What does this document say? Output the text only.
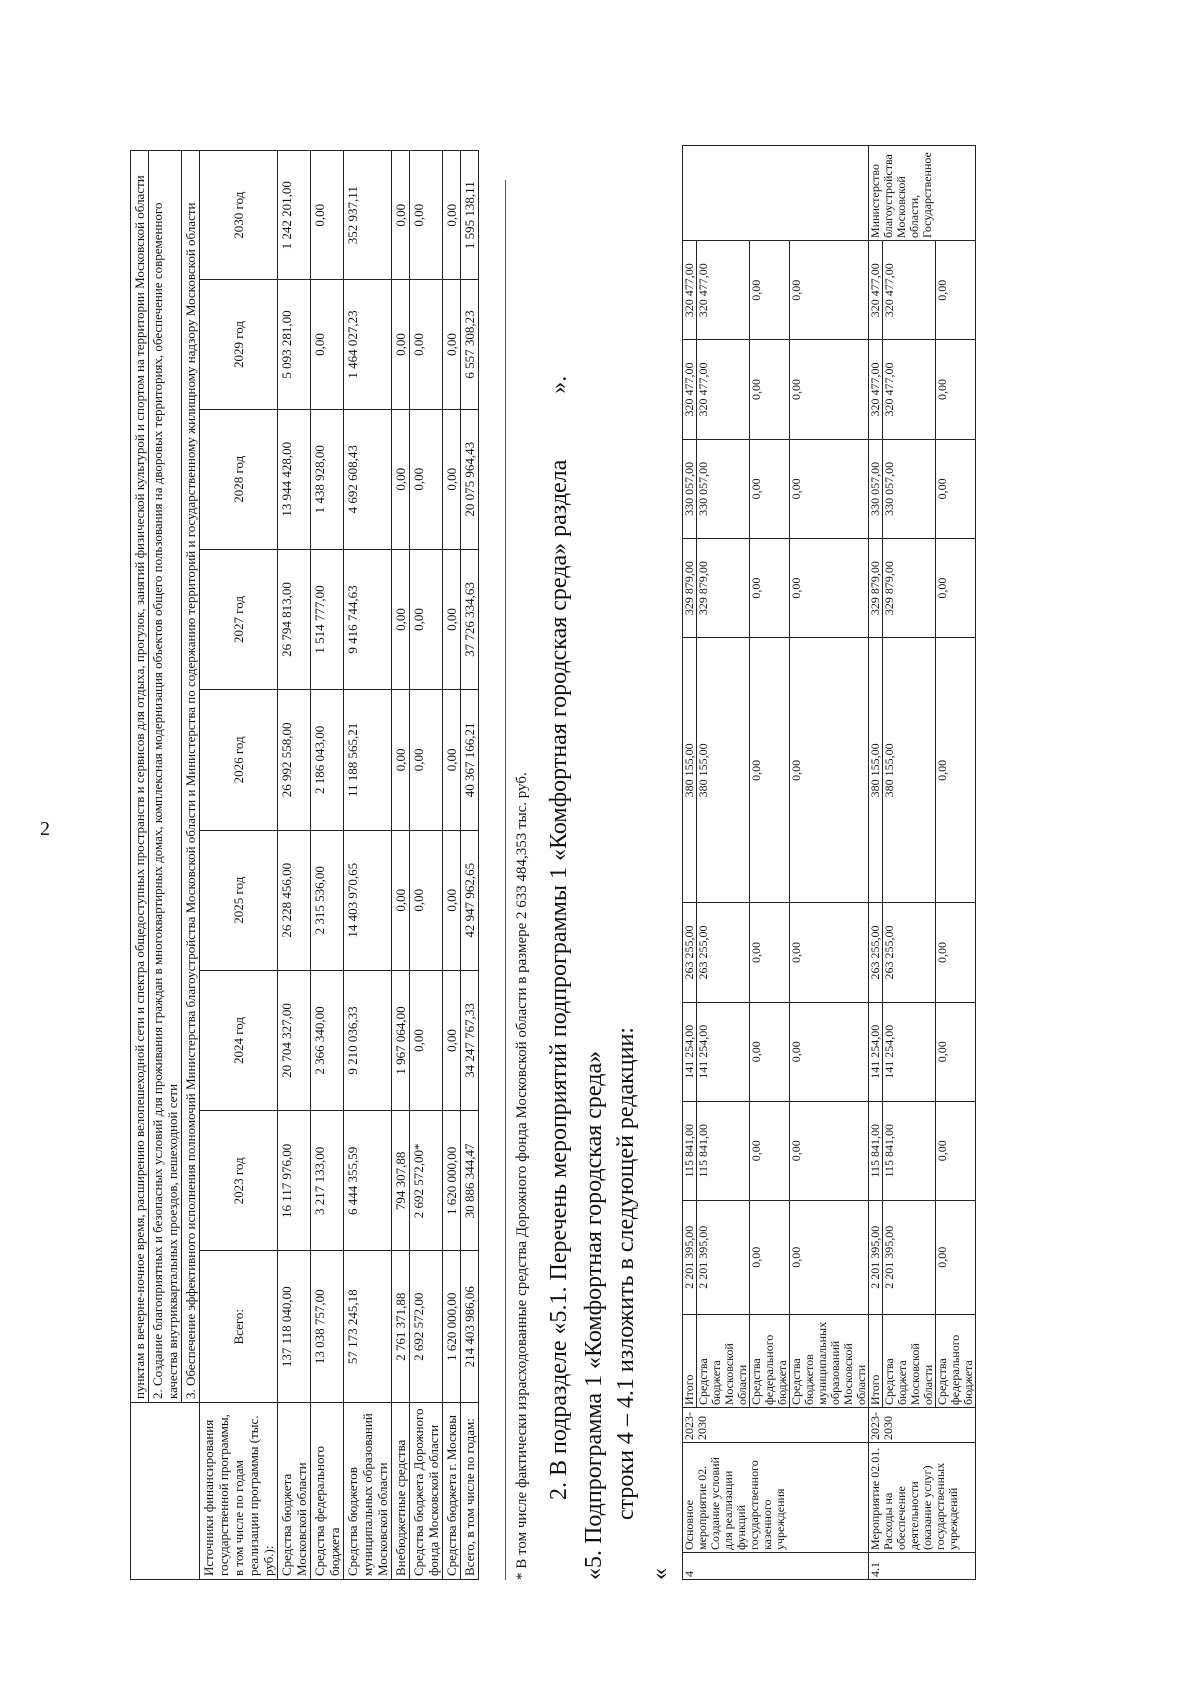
2
		пунктам в вечерне-ночное время, расширению велопешеходной сети и спектра общедоступных пространств и сервисов для отдыха, прогулок, занятий физической культурой и спортом на территории Московской области								
	2. Создание благоприятных и безопасных условий для проживания граждан в многоквартирных домах, комплексная модернизация объектов общего пользования на дворовых территориях, обеспечение современного качества внутриквартальных проездов, пешеходной сети								
	3. Обеспечение эффективного исполнения полномочий Министерства благоустройства Московской области и Министерства по содержанию территорий и государственному жилищному надзору Московской области								
Источники финансирования государственной программы, в том числе по годам реализации программы (тыс. руб.):	Всего:	2023 год	2024 год	2025 год	2026 год	2027 год	2028 год	2029 год	2030 год
Средства бюджета Московской области	137 118 040,00	16 117 976,00	20 704 327,00	26 228 456,00	26 992 558,00	26 794 813,00	13 944 428,00	5 093 281,00	1 242 201,00
Средства федерального бюджета	13 038 757,00	3 217 133,00	2 366 340,00	2 315 536,00	2 186 043,00	1 514 777,00	1 438 928,00	0,00	0,00
Средства бюджетов муниципальных образований Московской области	57 173 245,18	6 444 355,59	9 210 036,33	14 403 970,65	11 188 565,21	9 416 744,63	4 692 608,43	1 464 027,23	352 937,11
Внебюджетные средства	2 761 371,88	794 307,88	1 967 064,00	0,00	0,00	0,00	0,00	0,00	0,00
Средства бюджета Дорожного фонда Московской области	2 692 572,00	2 692 572,00*	0,00	0,00	0,00	0,00	0,00	0,00	0,00
Средства бюджета г. Москвы	1 620 000,00	1 620 000,00	0,00	0,00	0,00	0,00	0,00	0,00	0,00
Всего, в том числе по годам:	214 403 986,06	30 886 344,47	34 247 767,33	42 947 962,65	40 367 166,21	37 726 334,63	20 075 964,43	6 557 308,23	1 595 138,11
* В том числе фактически израсходованные средства Дорожного фонда Московской области в размере 2 633 484,353 тыс. руб. 2. В подразделе «5.1. Перечень мероприятий подпрограммы 1 «Комфортная городская среда» раздела ».
«5. Подпрограмма 1 «Комфортная городская среда» строки 4 – 4.1 изложить в следующей редакции:
« 4	Основное мероприятие 02. Создание условий для реализации функций государственного казенного учреждения	2023-2030	Итого	2 201 395,00	115 841,00	141 254,00	263 255,00	380 155,00	329 879,00	330 057,00	320 477,00	320 477,00	
			Средства бюджета Московской области	2 201 395,00	115 841,00	141 254,00	263 255,00	380 155,00	329 879,00	330 057,00	320 477,00	320 477,00	
			Средства федерального бюджета	0,00	0,00	0,00	0,00	0,00	0,00	0,00	0,00	0,00	
			Средства бюджетов муниципальных образований Московской области	0,00	0,00	0,00	0,00	0,00	0,00	0,00	0,00	0,00	
4.1	Мероприятие 02.01. Расходы на обеспечение деятельности (оказание услуг) государственных учреждений	2023-2030	Итого	2 201 395,00	115 841,00	141 254,00	263 255,00	380 155,00	329 879,00	330 057,00	320 477,00	320 477,00	Министерство благоустройства Московской области, Государственное
			Средства бюджета Московской области	2 201 395,00	115 841,00	141 254,00	263 255,00	380 155,00	329 879,00	330 057,00	320 477,00	320 477,00	
			Средства федерального бюджета	0,00	0,00	0,00	0,00	0,00	0,00	0,00	0,00	0,00	
